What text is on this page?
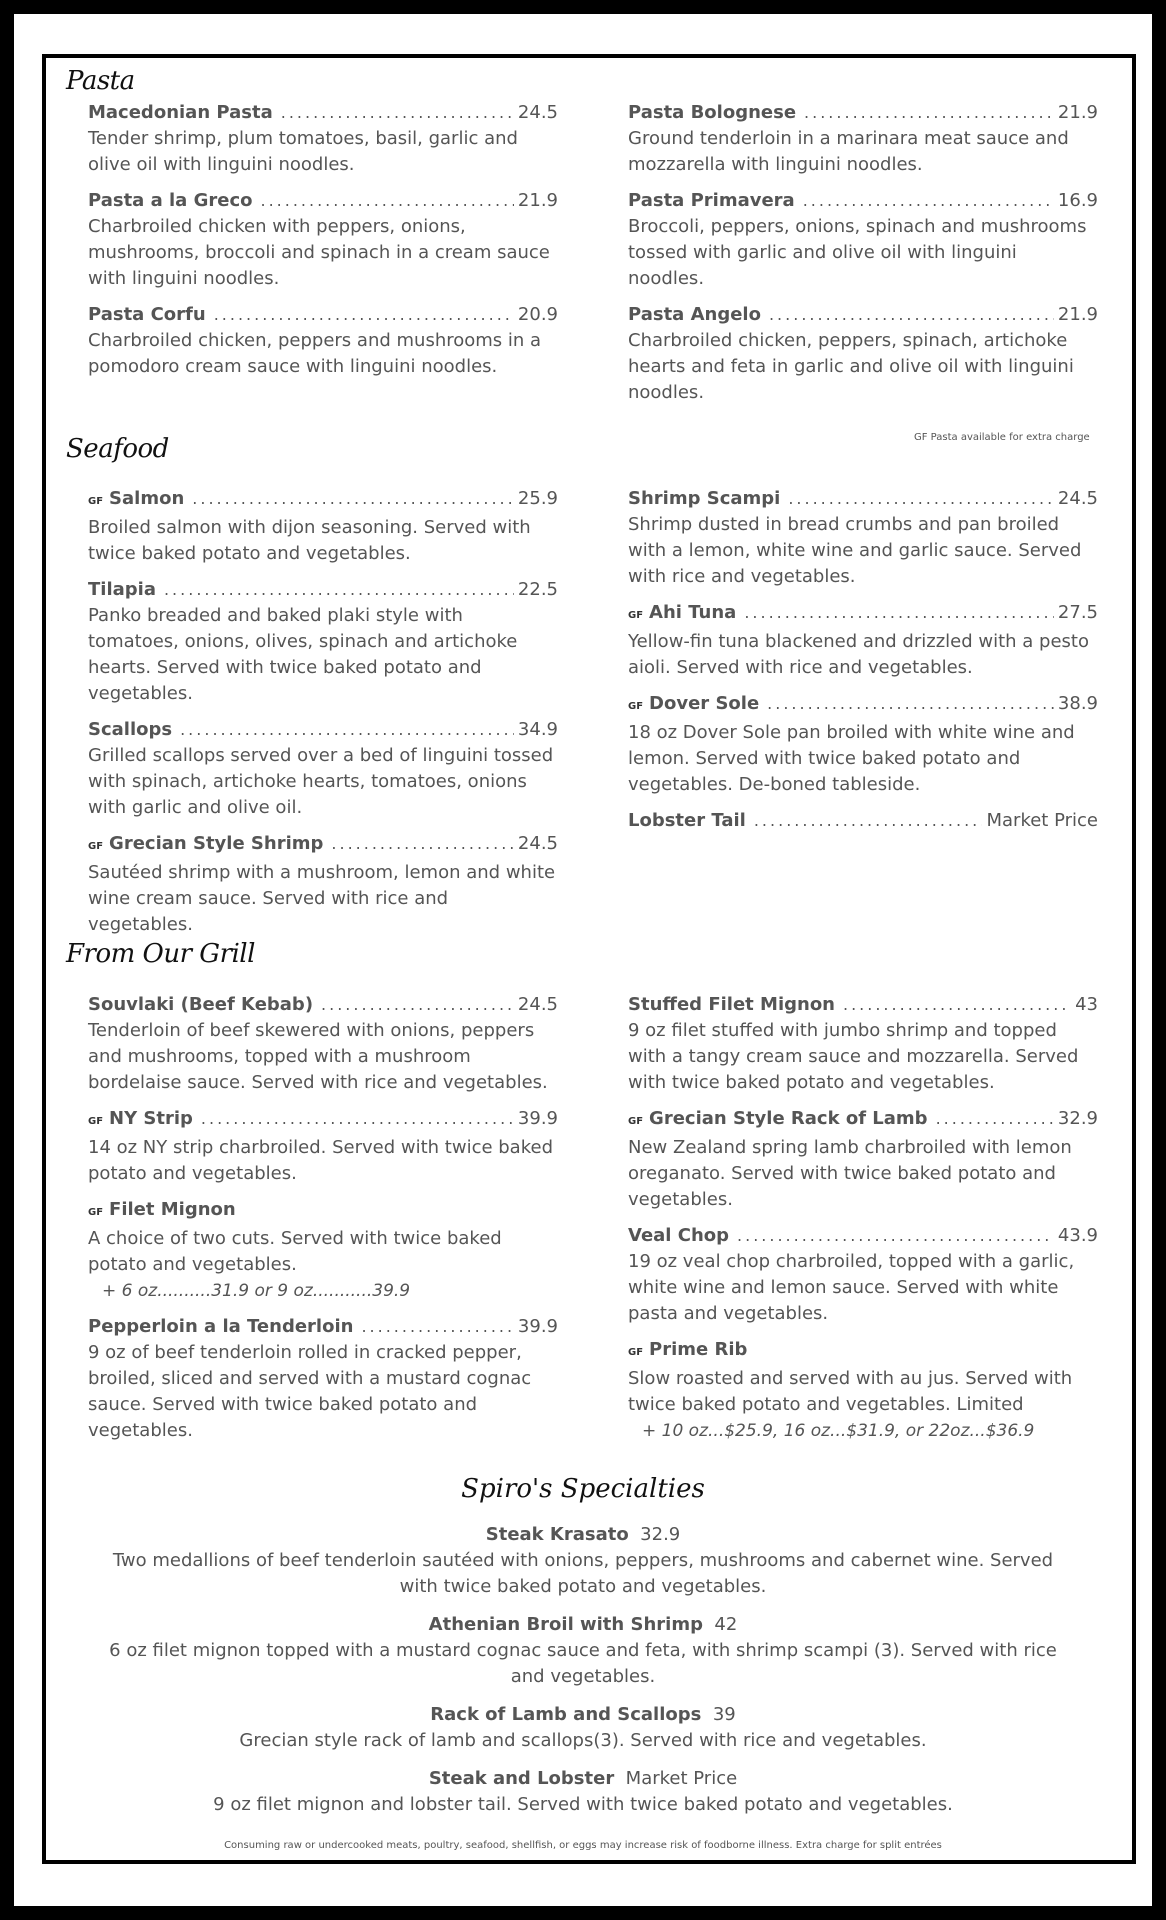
Pasta
Macedonian Pasta .....	24.5
Tender shrimp, plum tomatoes, basil, garlic and olive oil with linguini noodles.
Pasta a la Greco .....	21.9
Charbroiled chicken with peppers, onions, mushrooms, broccoli and spinach in a cream sauce with linguini noodles.
Pasta Corfu .....	20.9
Charbroiled chicken, peppers and mushrooms in a pomodoro cream sauce with linguini noodles.
Pasta Bolognese .....	21.9
Ground tenderloin in a marinara meat sauce and mozzarella with linguini noodles.
Pasta Primavera .....	16.9
Broccoli, peppers, onions, spinach and mushrooms tossed with garlic and olive oil with linguini noodles.
Pasta Angelo .....	21.9
Charbroiled chicken, peppers, spinach, artichoke hearts and feta in garlic and olive oil with linguini noodles.
GF Pasta available for extra charge
Seafood
GF Salmon .....	25.9
Broiled salmon with dijon seasoning. Served with twice baked potato and vegetables.
Tilapia .....	22.5
Panko breaded and baked plaki style with tomatoes, onions, olives, spinach and artichoke hearts. Served with twice baked potato and vegetables.
Scallops .....	34.9
Grilled scallops served over a bed of linguini tossed with spinach, artichoke hearts, tomatoes, onions with garlic and olive oil.
GF Grecian Style Shrimp .....	24.5
Sautéed shrimp with a mushroom, lemon and white wine cream sauce. Served with rice and vegetables.
Shrimp Scampi .....	24.5
Shrimp dusted in bread crumbs and pan broiled with a lemon, white wine and garlic sauce. Served with rice and vegetables.
GF Ahi Tuna .....	27.5
Yellow-fin tuna blackened and drizzled with a pesto aioli. Served with rice and vegetables.
GF Dover Sole .....	38.9
18 oz Dover Sole pan broiled with white wine and lemon. Served with twice baked potato and vegetables. De-boned tableside.
Lobster Tail .....	Market Price
From Our Grill
Souvlaki (Beef Kebab) .....	24.5
Tenderloin of beef skewered with onions, peppers and mushrooms, topped with a mushroom bordelaise sauce. Served with rice and vegetables.
GF NY Strip .....	39.9
14 oz NY strip charbroiled. Served with twice baked potato and vegetables.
GF Filet Mignon
A choice of two cuts. Served with twice baked potato and vegetables.
+ 6 oz..........31.9 or 9 oz...........39.9
Pepperloin a la Tenderloin .....	39.9
9 oz of beef tenderloin rolled in cracked pepper, broiled, sliced and served with a mustard cognac sauce. Served with twice baked potato and vegetables.
Stuffed Filet Mignon .....	43
9 oz filet stuffed with jumbo shrimp and topped with a tangy cream sauce and mozzarella. Served with twice baked potato and vegetables.
GF Grecian Style Rack of Lamb .....	32.9
New Zealand spring lamb charbroiled with lemon oreganato. Served with twice baked potato and vegetables.
Veal Chop .....	43.9
19 oz veal chop charbroiled, topped with a garlic, white wine and lemon sauce. Served with white pasta and vegetables.
GF Prime Rib
Slow roasted and served with au jus. Served with twice baked potato and vegetables. Limited
+ 10 oz...$25.9, 16 oz...$31.9, or 22oz...$36.9
Spiro's Specialties
Steak Krasato 32.9
Two medallions of beef tenderloin sautéed with onions, peppers, mushrooms and cabernet wine. Served with twice baked potato and vegetables.
Athenian Broil with Shrimp 42
6 oz filet mignon topped with a mustard cognac sauce and feta, with shrimp scampi (3). Served with rice and vegetables.
Rack of Lamb and Scallops 39
Grecian style rack of lamb and scallops(3). Served with rice and vegetables.
Steak and Lobster Market Price
9 oz filet mignon and lobster tail. Served with twice baked potato and vegetables.
Consuming raw or undercooked meats, poultry, seafood, shellfish, or eggs may increase risk of foodborne illness. Extra charge for split entrées
